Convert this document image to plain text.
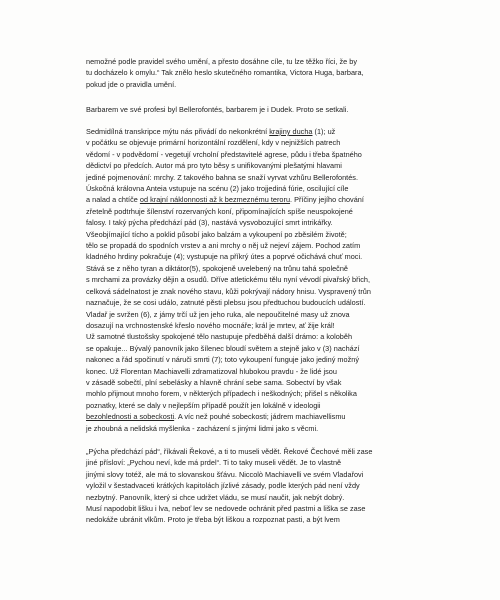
nemožné podle pravidel svého umění, a přesto dosáhne cíle, tu lze těžko říci, že by
tu docházelo k omylu.“ Tak znělo heslo skutečného romantika, Victora Huga, barbara,
pokud jde o pravidla umění.
Barbarem ve své profesi byl Bellerofontés, barbarem je i Dudek. Proto se setkali.
Sedmidílná transkripce mýtu nás přivádí do nekonkrétní krajiny ducha (1); už
v počátku se objevuje primární horizontální rozdělení, kdy v nejnižších patrech
vědomí - v podvědomí - vegetují vrcholní představitelé agrese, půdu i třeba špatného
dědictví po předcích. Autor má pro tyto běsy s unifikovanými plešatými hlavami
jediné pojmenování: mrchy. Z takového bahna se snaží vyrvat vzhůru Bellerofontés.
Úskočná královna Anteia vstupuje na scénu (2) jako trojjediná fúrie, oscilující cíle
a nalad a chtíče od krajní náklonnosti až k bezmeznému teroru. Příčiny jejího chování
zřetelně podtrhuje šílenství rozervaných koní, připomínajících spíše neuspokojené
falosy. I taký pýcha předchází pád (3), nastává vysvobozující smrt intrikářky.
Všeobjímající tíchо a poklid působí jako balzám a vykoupení po zběsilém životě;
tělo se propadá do spodních vrstev a ani mrchy o něj už nejeví zájem. Pochod zatím
kladného hrdiny pokračuje (4); vystupuje na příkrý útes a poprvé očichává chuť moci.
Stává se z něho tyran a diktátor(5), spokojeně uvelebený na trůnu tahá společně
s mrchami za provázky dějin a osudů. Dříve atletickému tělu nyní vévodí pivařský břich,
celková sádelnatost je znak nového stavu, kůži pokrývají nádory hnisu. Vyspravený trůn
naznačuje, že se cosi událo, zatnuté pěsti plebsu jsou předtuchou budoucích událostí.
Vladař je svržen (6), z jámy trčí už jen jeho ruka, ale nepoučitelné masy už znova
dosazují na vrchnostenské křeslo nového mocnáře; král je mrtev, ať žije král!
Už samotné tlustošsky spokojené tělo nastupuje předběhá další drámo: a koloběh
se opakuje... Bývalý panovník jako šílenec bloudí světem a stejně jako v (3) nachází
nakonec a řád spočinutí v náruči smrti (7); toto vykoupení funguje jako jediný možný
konec. Už Florentan Machiavelli zdramatizoval hlubokou pravdu - že lidé jsou
v zásadě sobečtí, plní sebelásky a hlavně chrání sebe sama. Sobectví by však
mohlo přijmout mnoho forem, v některých případech i neškodných; přišel s několika
poznatky, které se daly v nejlepším případě použít jen lokálně v ideologii
bezohlednosti a sobeckosti. A víc než pouhé sobeckosti; jádrem machiavellismu
je zhoubná a nelidská myšlenka - zacházení s jinými lidmi jako s věcmi.
„Pýcha předchází pád“, říkávali Řekové, a ti to museli vědět. Řekové Čechové měli zase
jiné přísloví: „Pychou neví, kde má prdel“. Ti to taky museli vědět. Je to vlastně
jinými slovy totéž, ale má to slovanskou šťávu. Niccolò Machiavelli ve svém Vladařovi
vyložil v šestadvaceti krátkých kapitolách jízlivé zásady, podle kterých pád není vždy
nezbytný. Panovník, který si chce udržet vládu, se musí naučit, jak nebýt dobrý.
Musí napodobit lišku i lva, neboť lev se nedovede ochránit před pastmi a liška se zase
nedokáže ubránit vlkům. Proto je třeba být liškou a rozpoznat pasti, a být lvem
